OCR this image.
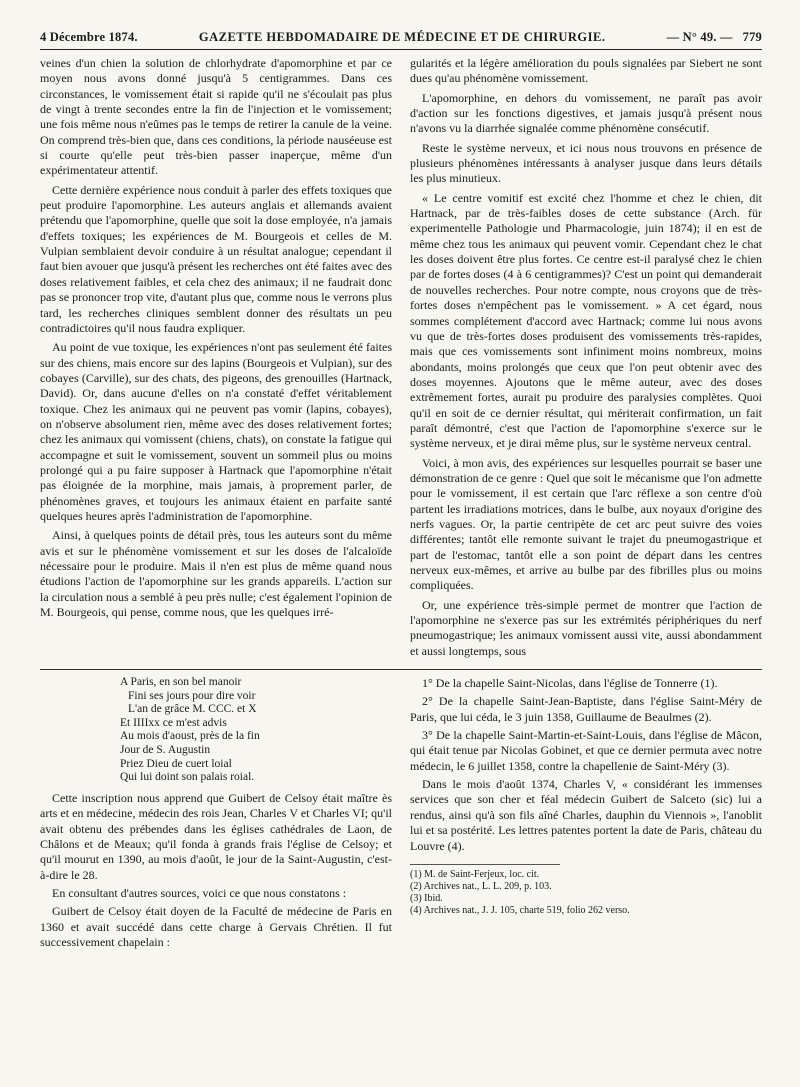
4 Décembre 1874.	GAZETTE HEBDOMADAIRE DE MÉDECINE ET DE CHIRURGIE.	— N° 49. — 779

veines d'un chien la solution de chlorhydrate d'apomorphine et par ce moyen nous avons donné jusqu'à 5 centigrammes. Dans ces circonstances, le vomissement était si rapide qu'il ne s'écoulait pas plus de vingt à trente secondes entre la fin de l'injection et le vomissement; une fois même nous n'eûmes pas le temps de retirer la canule de la veine. On comprend très-bien que, dans ces conditions, la période nauséeuse est si courte qu'elle peut très-bien passer inaperçue, même d'un expérimentateur attentif.

Cette dernière expérience nous conduit à parler des effets toxiques que peut produire l'apomorphine. Les auteurs anglais et allemands avaient prétendu que l'apomorphine, quelle que soit la dose employée, n'a jamais d'effets toxiques; les expériences de M. Bourgeois et celles de M. Vulpian semblaient devoir conduire à un résultat analogue; cependant il faut bien avouer que jusqu'à présent les recherches ont été faites avec des doses relativement faibles, et cela chez des animaux; il ne faudrait donc pas se prononcer trop vite, d'autant plus que, comme nous le verrons plus tard, les recherches cliniques semblent donner des résultats un peu contradictoires qu'il nous faudra expliquer.

Au point de vue toxique, les expériences n'ont pas seulement été faites sur des chiens, mais encore sur des lapins (Bourgeois et Vulpian), sur des cobayes (Carville), sur des chats, des pigeons, des grenouilles (Hartnack, David). Or, dans aucune d'elles on n'a constaté d'effet véritablement toxique. Chez les animaux qui ne peuvent pas vomir (lapins, cobayes), on n'observe absolument rien, même avec des doses relativement fortes; chez les animaux qui vomissent (chiens, chats), on constate la fatigue qui accompagne et suit le vomissement, souvent un sommeil plus ou moins prolongé qui a pu faire supposer à Hartnack que l'apomorphine n'était pas éloignée de la morphine, mais jamais, à proprement parler, de phénomènes graves, et toujours les animaux étaient en parfaite santé quelques heures après l'administration de l'apomorphine.

Ainsi, à quelques points de détail près, tous les auteurs sont du même avis et sur le phénomène vomissement et sur les doses de l'alcaloïde nécessaire pour le produire. Mais il n'en est plus de même quand nous étudions l'action de l'apomorphine sur les grands appareils. L'action sur la circulation nous a semblé à peu près nulle; c'est également l'opinion de M. Bourgeois, qui pense, comme nous, que les quelques irré-

gularités et la légère amélioration du pouls signalées par Siebert ne sont dues qu'au phénomène vomissement.

L'apomorphine, en dehors du vomissement, ne paraît pas avoir d'action sur les fonctions digestives, et jamais jusqu'à présent nous n'avons vu la diarrhée signalée comme phénomène consécutif.

Reste le système nerveux, et ici nous nous trouvons en présence de plusieurs phénomènes intéressants à analyser jusque dans leurs détails les plus minutieux.

« Le centre vomitif est excité chez l'homme et chez le chien, dit Hartnack, par de très-faibles doses de cette substance (Arch. für experimentelle Pathologie und Pharmacologie, juin 1874); il en est de même chez tous les animaux qui peuvent vomir. Cependant chez le chat les doses doivent être plus fortes. Ce centre est-il paralysé chez le chien par de fortes doses (4 à 6 centigrammes)? C'est un point qui demanderait de nouvelles recherches. Pour notre compte, nous croyons que de très-fortes doses n'empêchent pas le vomissement. » A cet égard, nous sommes complétement d'accord avec Hartnack; comme lui nous avons vu que de très-fortes doses produisent des vomissements très-rapides, mais que ces vomissements sont infiniment moins nombreux, moins abondants, moins prolongés que ceux que l'on peut obtenir avec des doses moyennes. Ajoutons que le même auteur, avec des doses extrêmement fortes, aurait pu produire des paralysies complètes. Quoi qu'il en soit de ce dernier résultat, qui mériterait confirmation, un fait paraît démontré, c'est que l'action de l'apomorphine s'exerce sur le système nerveux, et je dirai même plus, sur le système nerveux central.

Voici, à mon avis, des expériences sur lesquelles pourrait se baser une démonstration de ce genre : Quel que soit le mécanisme que l'on admette pour le vomissement, il est certain que l'arc réflexe a son centre d'où partent les irradiations motrices, dans le bulbe, aux noyaux d'origine des nerfs vagues. Or, la partie centripète de cet arc peut suivre des voies différentes; tantôt elle remonte suivant le trajet du pneumogastrique et part de l'estomac, tantôt elle a son point de départ dans les centres nerveux eux-mêmes, et arrive au bulbe par des fibrilles plus ou moins compliquées.

Or, une expérience très-simple permet de montrer que l'action de l'apomorphine ne s'exerce pas sur les extrémités périphériques du nerf pneumogastrique; les animaux vomissent aussi vite, aussi abondamment et aussi longtemps, sous

A Paris, en son bel manoir
Fini ses jours pour dire voir
L'an de grâce M. CCC. et X
Et IIIIxx ce m'est advis
Au mois d'aoust, près de la fin
Jour de S. Augustin
Priez Dieu de cuert loial
Qui lui doint son palais roial.

Cette inscription nous apprend que Guibert de Celsoy était maître ès arts et en médecine, médecin des rois Jean, Charles V et Charles VI; qu'il avait obtenu des prébendes dans les églises cathédrales de Laon, de Châlons et de Meaux; qu'il fonda à grands frais l'église de Celsoy; et qu'il mourut en 1390, au mois d'août, le jour de la Saint-Augustin, c'est-à-dire le 28.

En consultant d'autres sources, voici ce que nous constatons :

Guibert de Celsoy était doyen de la Faculté de médecine de Paris en 1360 et avait succédé dans cette charge à Gervais Chrétien. Il fut successivement chapelain :

1° De la chapelle Saint-Nicolas, dans l'église de Tonnerre (1).

2° De la chapelle Saint-Jean-Baptiste, dans l'église Saint-Méry de Paris, que lui céda, le 3 juin 1358, Guillaume de Beaulmes (2).

3° De la chapelle Saint-Martin-et-Saint-Louis, dans l'église de Mâcon, qui était tenue par Nicolas Gobinet, et que ce dernier permuta avec notre médecin, le 6 juillet 1358, contre la chapellenie de Saint-Méry (3).

Dans le mois d'août 1374, Charles V, « considérant les immenses services que son cher et féal médecin Guibert de Salceto (sic) lui a rendus, ainsi qu'à son fils aîné Charles, dauphin du Viennois », l'anoblit lui et sa postérité. Les lettres patentes portent la date de Paris, château du Louvre (4).

(1) M. de Saint-Ferjeux, loc. cit.
(2) Archives nat., L. L. 209, p. 103.
(3) Ibid.
(4) Archives nat., J. J. 105, charte 519, folio 262 verso.
